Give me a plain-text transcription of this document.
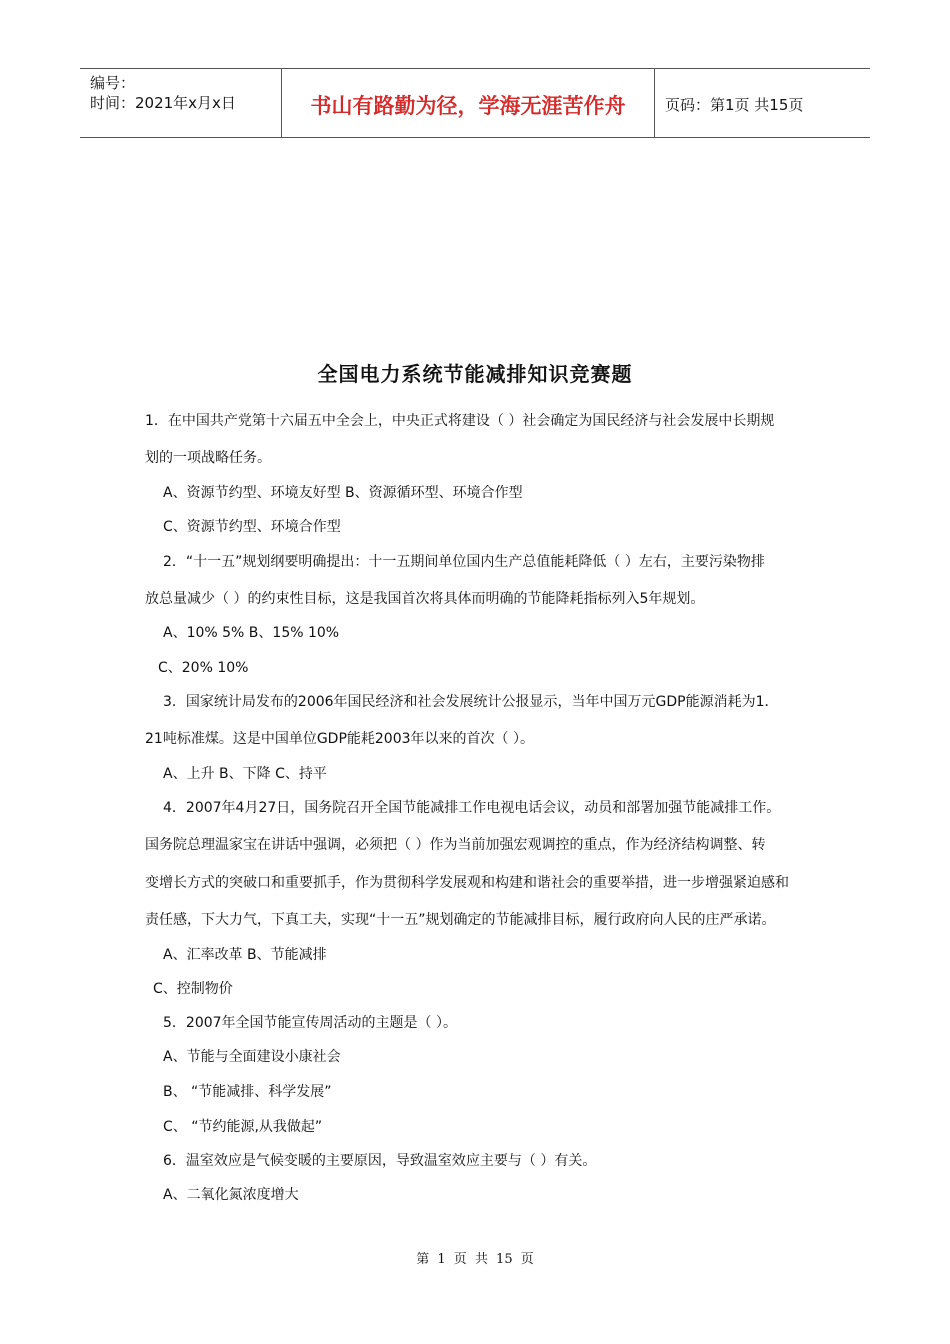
编号：
时间：2021年x月x日	书山有路勤为径，学海无涯苦作舟	页码：第1页 共15页
全国电力系统节能减排知识竞赛题
1．在中国共产党第十六届五中全会上，中央正式将建设（ ）社会确定为国民经济与社会发展中长期规
划的一项战略任务。
A、资源节约型、环境友好型 B、资源循环型、环境合作型
C、资源节约型、环境合作型
2．“十一五”规划纲要明确提出：十一五期间单位国内生产总值能耗降低（ ）左右，主要污染物排
放总量减少（ ）的约束性目标，这是我国首次将具体而明确的节能降耗指标列入5年规划。
A、10% 5% B、15% 10%
C、20% 10%
3．国家统计局发布的2006年国民经济和社会发展统计公报显示，当年中国万元GDP能源消耗为1．
21吨标准煤。这是中国单位GDP能耗2003年以来的首次（ ）。
A、上升 B、下降 C、持平
4．2007年4月27日，国务院召开全国节能减排工作电视电话会议，动员和部署加强节能减排工作。
国务院总理温家宝在讲话中强调，必须把（ ）作为当前加强宏观调控的重点，作为经济结构调整、转
变增长方式的突破口和重要抓手，作为贯彻科学发展观和构建和谐社会的重要举措，进一步增强紧迫感和
责任感，下大力气，下真工夫，实现“十一五”规划确定的节能减排目标，履行政府向人民的庄严承诺。
A、汇率改革 B、节能减排
C、控制物价
5．2007年全国节能宣传周活动的主题是（ ）。
A、节能与全面建设小康社会
B、 “节能减排、科学发展”
C、 “节约能源,从我做起”
6．温室效应是气候变暖的主要原因，导致温室效应主要与（ ）有关。
A、二氧化氮浓度增大
第 1 页 共 15 页
